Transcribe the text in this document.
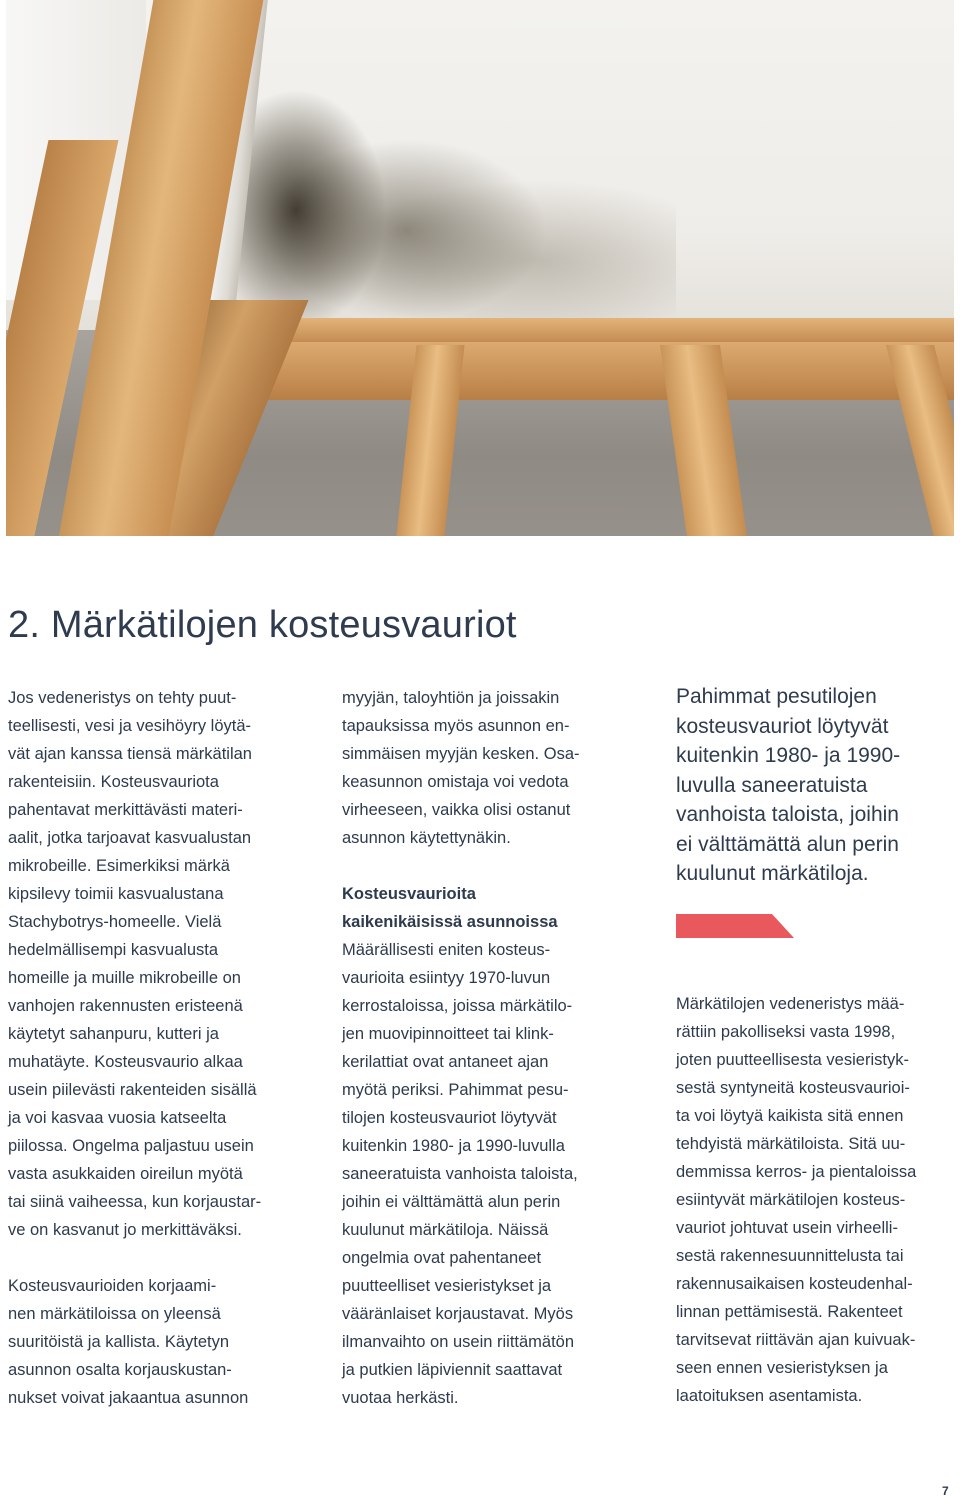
2. Märkätilojen kosteusvauriot
Jos vedeneristys on tehty puut-
teellisesti, vesi ja vesihöyry löytä-
vät ajan kanssa tiensä märkätilan
rakenteisiin. Kosteusvauriota
pahentavat merkittävästi materi-
aalit, jotka tarjoavat kasvualustan
mikrobeille. Esimerkiksi märkä
kipsilevy toimii kasvualustana
Stachybotrys-homeelle. Vielä
hedelmällisempi kasvualusta
homeille ja muille mikrobeille on
vanhojen rakennusten eristeenä
käytetyt sahanpuru, kutteri ja
muhatäyte. Kosteusvaurio alkaa
usein piilevästi rakenteiden sisällä
ja voi kasvaa vuosia katseelta
piilossa. Ongelma paljastuu usein
vasta asukkaiden oireilun myötä
tai siinä vaiheessa, kun korjaustar-
ve on kasvanut jo merkittäväksi.
Kosteusvaurioiden korjaami-
nen märkätiloissa on yleensä
suuritöistä ja kallista. Käytetyn
asunnon osalta korjauskustan-
nukset voivat jakaantua asunnon
myyjän, taloyhtiön ja joissakin
tapauksissa myös asunnon en-
simmäisen myyjän kesken. Osa-
keasunnon omistaja voi vedota
virheeseen, vaikka olisi ostanut
asunnon käytettynäkin.
Kosteusvaurioita
kaikenikäisissä asunnoissa
Määrällisesti eniten kosteus-
vaurioita esiintyy 1970-luvun
kerrostaloissa, joissa märkätilo-
jen muovipinnoitteet tai klink-
kerilattiat ovat antaneet ajan
myötä periksi. Pahimmat pesu-
tilojen kosteusvauriot löytyvät
kuitenkin 1980- ja 1990-luvulla
saneeratuista vanhoista taloista,
joihin ei välttämättä alun perin
kuulunut märkätiloja. Näissä
ongelmia ovat pahentaneet
puutteelliset vesieristykset ja
vääränlaiset korjaustavat. Myös
ilmanvaihto on usein riittämätön
ja putkien läpiviennit saattavat
vuotaa herkästi.
Pahimmat pesutilojen
kosteusvauriot löytyvät
kuitenkin 1980- ja 1990-
luvulla saneeratuista
vanhoista taloista, joihin
ei välttämättä alun perin
kuulunut märkätiloja.
Märkätilojen vedeneristys mää-
rättiin pakolliseksi vasta 1998,
joten puutteellisesta vesieristyk-
sestä syntyneitä kosteusvaurioi-
ta voi löytyä kaikista sitä ennen
tehdyistä märkätiloista. Sitä uu-
demmissa kerros- ja pientaloissa
esiintyvät märkätilojen kosteus-
vauriot johtuvat usein virheelli-
sestä rakennesuunnittelusta tai
rakennusaikaisen kosteudenhal-
linnan pettämisestä. Rakenteet
tarvitsevat riittävän ajan kuivuak-
seen ennen vesieristyksen ja
laatoituksen asentamista.
7
